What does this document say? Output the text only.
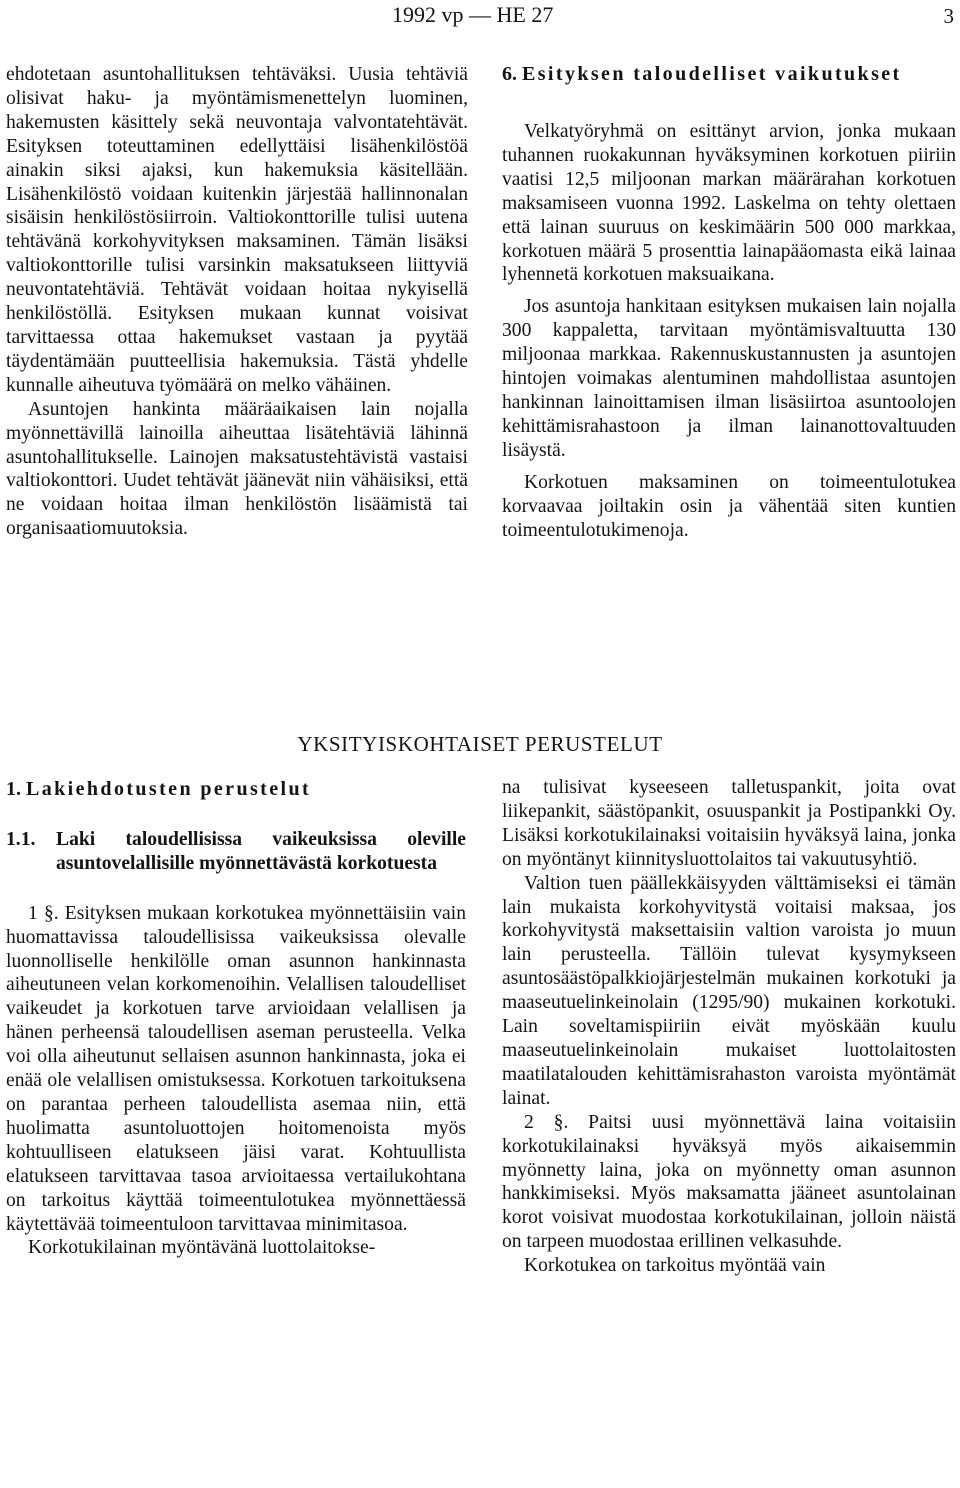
1992 vp — HE 27	3

ehdotetaan asuntohallituksen tehtäväksi. Uusia tehtäviä olisivat haku- ja myöntämismenettelyn luominen, hakemusten käsittely sekä neuvontaja valvontatehtävät. Esityksen toteuttaminen edellyttäisi lisähenkilöstöä ainakin siksi ajaksi, kun hakemuksia käsitellään. Lisähenkilöstö voidaan kuitenkin järjestää hallinnonalan sisäisin henkilöstösiirroin. Valtiokonttorille tulisi uutena tehtävänä korkohyvityksen maksaminen. Tämän lisäksi valtiokonttorille tulisi varsinkin maksatukseen liittyviä neuvontatehtäviä. Tehtävät voidaan hoitaa nykyisellä henkilöstöllä. Esityksen mukaan kunnat voisivat tarvittaessa ottaa hakemukset vastaan ja pyytää täydentämään puutteellisia hakemuksia. Tästä yhdelle kunnalle aiheutuva työmäärä on melko vähäinen.

Asuntojen hankinta määräaikaisen lain nojalla myönnettävillä lainoilla aiheuttaa lisätehtäviä lähinnä asuntohallitukselle. Lainojen maksatustehtävistä vastaisi valtiokonttori. Uudet tehtävät jäänevät niin vähäisiksi, että ne voidaan hoitaa ilman henkilöstön lisäämistä tai organisaatiomuutoksia.

6. Esityksen taloudelliset vaikutukset

Velkatyöryhmä on esittänyt arvion, jonka mukaan tuhannen ruokakunnan hyväksyminen korkotuen piiriin vaatisi 12,5 miljoonan markan määrärahan korkotuen maksamiseen vuonna 1992. Laskelma on tehty olettaen että lainan suuruus on keskimäärin 500 000 markkaa, korkotuen määrä 5 prosenttia lainapääomasta eikä lainaa lyhennetä korkotuen maksuaikana.

Jos asuntoja hankitaan esityksen mukaisen lain nojalla 300 kappaletta, tarvitaan myöntämisvaltuutta 130 miljoonaa markkaa. Rakennuskustannusten ja asuntojen hintojen voimakas alentuminen mahdollistaa asuntojen hankinnan lainoittamisen ilman lisäsiirtoa asuntoolojen kehittämisrahastoon ja ilman lainanottovaltuuden lisäystä.

Korkotuen maksaminen on toimeentulotukea korvaavaa joiltakin osin ja vähentää siten kuntien toimeentulotukimenoja.

YKSITYISKOHTAISET PERUSTELUT

1. Lakiehdotusten perustelut

1.1.	Laki taloudellisissa vaikeuksissa oleville asuntovelallisille myönnettävästä korkotuesta

1 §. Esityksen mukaan korkotukea myönnettäisiin vain huomattavissa taloudellisissa vaikeuksissa olevalle luonnolliselle henkilölle oman asunnon hankinnasta aiheutuneen velan korkomenoihin. Velallisen taloudelliset vaikeudet ja korkotuen tarve arvioidaan velallisen ja hänen perheensä taloudellisen aseman perusteella. Velka voi olla aiheutunut sellaisen asunnon hankinnasta, joka ei enää ole velallisen omistuksessa. Korkotuen tarkoituksena on parantaa perheen taloudellista asemaa niin, että huolimatta asuntoluottojen hoitomenoista myös kohtuulliseen elatukseen jäisi varat. Kohtuullista elatukseen tarvittavaa tasoa arvioitaessa vertailukohtana on tarkoitus käyttää toimeentulotukea myönnettäessä käytettävää toimeentuloon tarvittavaa minimitasoa.

Korkotukilainan myöntävänä luottolaitokse-

na tulisivat kyseeseen talletuspankit, joita ovat liikepankit, säästöpankit, osuuspankit ja Postipankki Oy. Lisäksi korkotukilainaksi voitaisiin hyväksyä laina, jonka on myöntänyt kiinnitysluottolaitos tai vakuutusyhtiö.

Valtion tuen päällekkäisyyden välttämiseksi ei tämän lain mukaista korkohyvitystä voitaisi maksaa, jos korkohyvitystä maksettaisiin valtion varoista jo muun lain perusteella. Tällöin tulevat kysymykseen asuntosäästöpalkkiojärjestelmän mukainen korkotuki ja maaseutuelinkeinolain (1295/90) mukainen korkotuki. Lain soveltamispiiriin eivät myöskään kuulu maaseutuelinkeinolain mukaiset luottolaitosten maatilatalouden kehittämisrahaston varoista myöntämät lainat.

2 §. Paitsi uusi myönnettävä laina voitaisiin korkotukilainaksi hyväksyä myös aikaisemmin myönnetty laina, joka on myönnetty oman asunnon hankkimiseksi. Myös maksamatta jääneet asuntolainan korot voisivat muodostaa korkotukilainan, jolloin näistä on tarpeen muodostaa erillinen velkasuhde.

Korkotukea on tarkoitus myöntää vain
